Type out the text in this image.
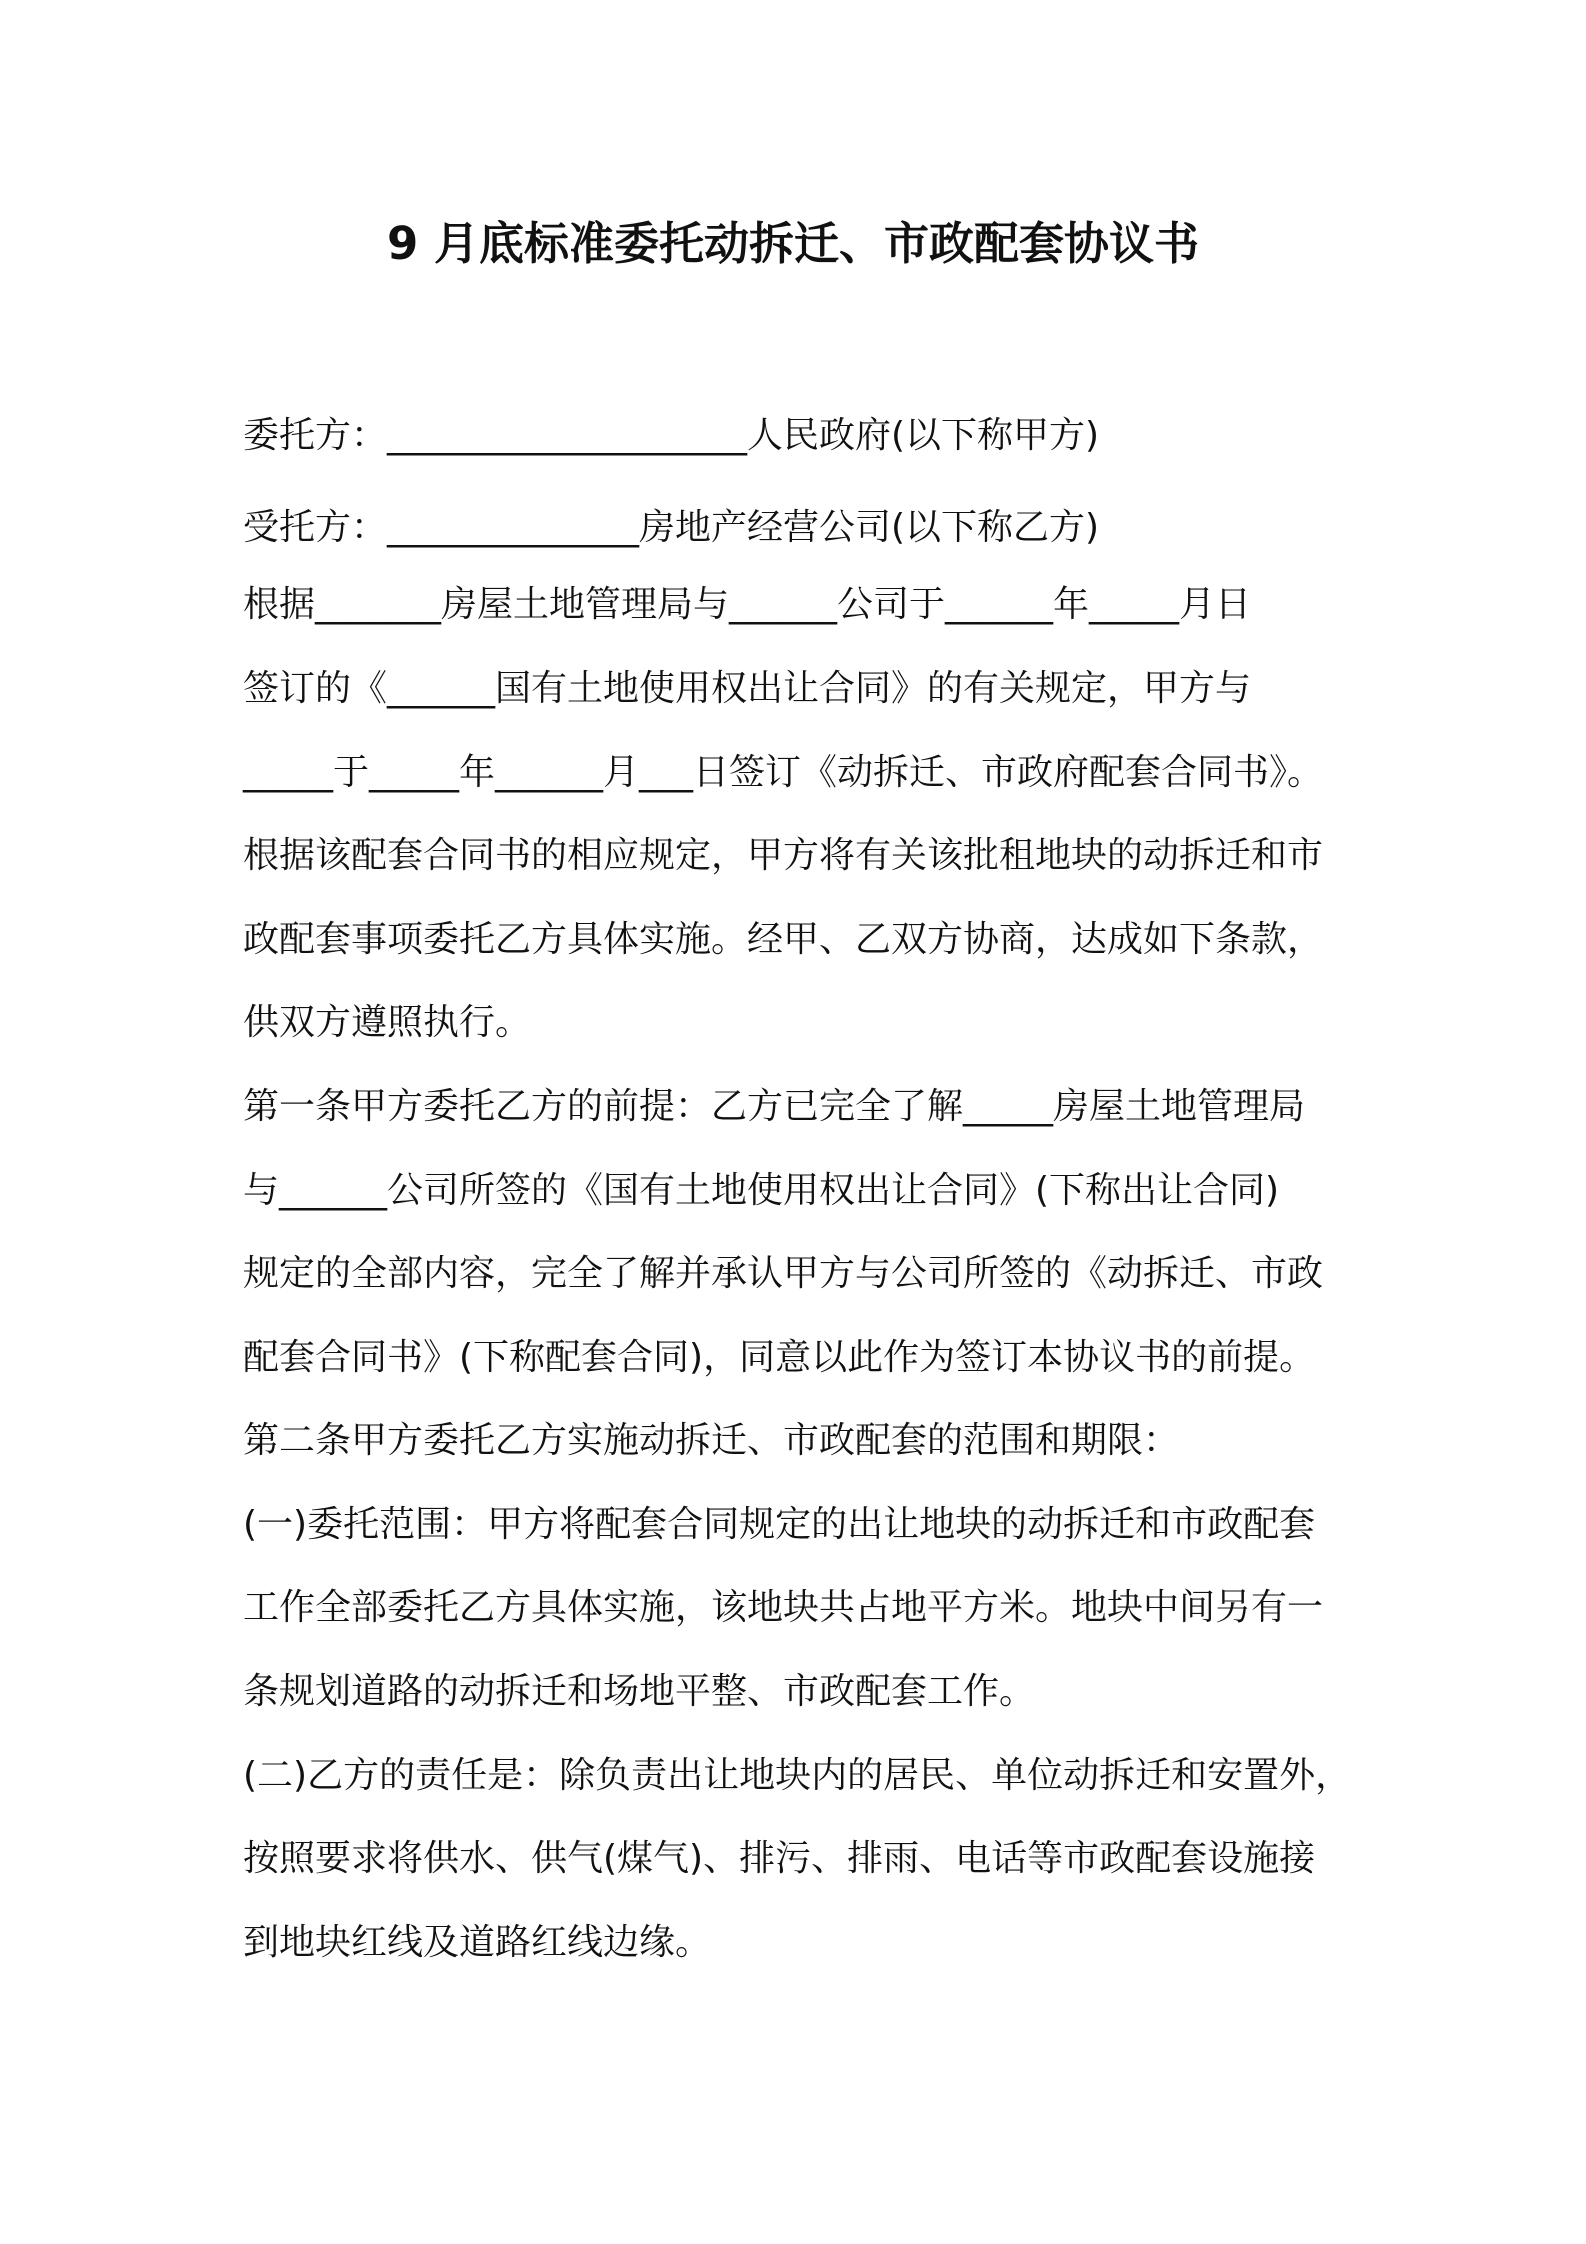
9 月底标准委托动拆迁、市政配套协议书
委托方：____________________人民政府(以下称甲方)
受托方：______________房地产经营公司(以下称乙方)
根据_______房屋土地管理局与______公司于______年_____月日
签订的《______国有土地使用权出让合同》的有关规定，甲方与
_____于_____年______月___日签订《动拆迁、市政府配套合同书》。
根据该配套合同书的相应规定，甲方将有关该批租地块的动拆迁和市
政配套事项委托乙方具体实施。经甲、乙双方协商，达成如下条款，
供双方遵照执行。
第一条甲方委托乙方的前提：乙方已完全了解_____房屋土地管理局
与______公司所签的《国有土地使用权出让合同》(下称出让合同)
规定的全部内容，完全了解并承认甲方与公司所签的《动拆迁、市政
配套合同书》(下称配套合同)，同意以此作为签订本协议书的前提。
第二条甲方委托乙方实施动拆迁、市政配套的范围和期限：
(一)委托范围：甲方将配套合同规定的出让地块的动拆迁和市政配套
工作全部委托乙方具体实施，该地块共占地平方米。地块中间另有一
条规划道路的动拆迁和场地平整、市政配套工作。
(二)乙方的责任是：除负责出让地块内的居民、单位动拆迁和安置外，
按照要求将供水、供气(煤气)、排污、排雨、电话等市政配套设施接
到地块红线及道路红线边缘。
